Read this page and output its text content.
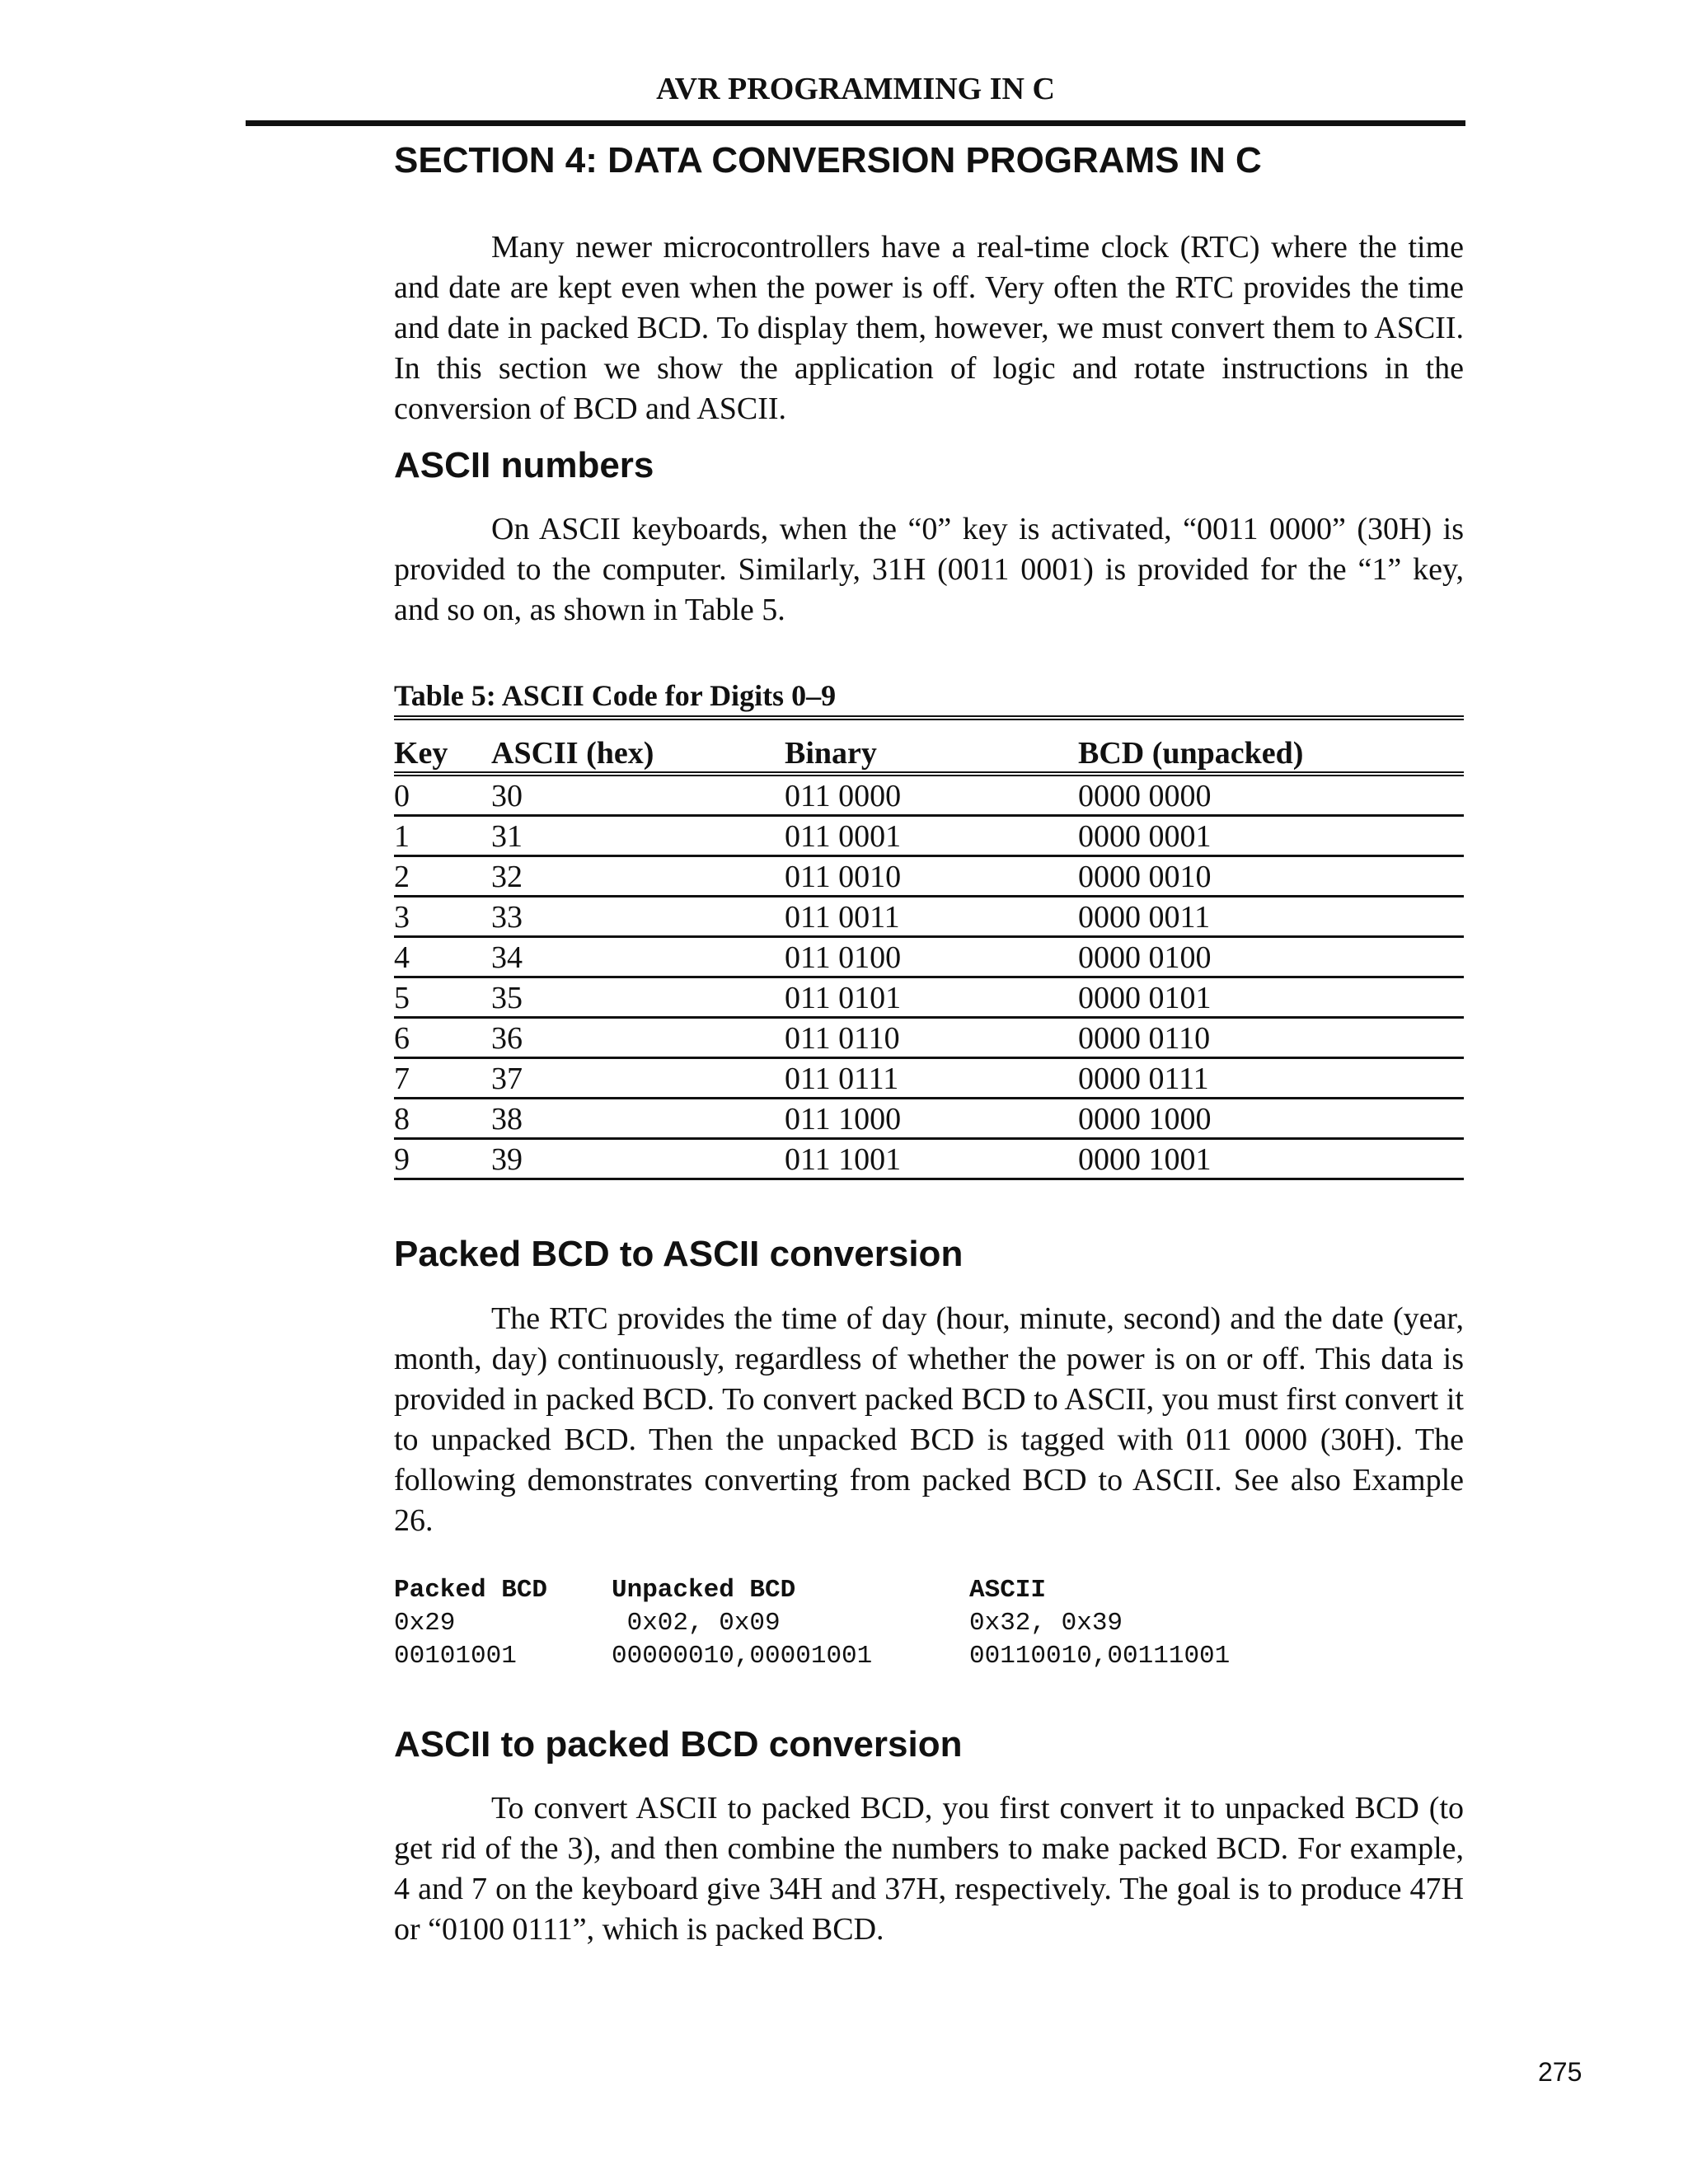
AVR PROGRAMMING IN C
SECTION 4: DATA CONVERSION PROGRAMS IN C

Many newer microcontrollers have a real-time clock (RTC) where the time and date are kept even when the power is off. Very often the RTC provides the time and date in packed BCD. To display them, however, we must convert them to ASCII. In this section we show the application of logic and rotate instructions in the conversion of BCD and ASCII.

ASCII numbers

On ASCII keyboards, when the “0” key is activated, “0011 0000” (30H) is provided to the computer. Similarly, 31H (0011 0001) is provided for the “1” key, and so on, as shown in Table 5.

Table 5: ASCII Code for Digits 0–9
Key	ASCII (hex)	Binary	BCD (unpacked)
0	30	011 0000	0000 0000
1	31	011 0001	0000 0001
2	32	011 0010	0000 0010
3	33	011 0011	0000 0011
4	34	011 0100	0000 0100
5	35	011 0101	0000 0101
6	36	011 0110	0000 0110
7	37	011 0111	0000 0111
8	38	011 1000	0000 1000
9	39	011 1001	0000 1001
Packed BCD to ASCII conversion

The RTC provides the time of day (hour, minute, second) and the date (year, month, day) continuously, regardless of whether the power is on or off. This data is provided in packed BCD. To convert packed BCD to ASCII, you must first convert it to unpacked BCD. Then the unpacked BCD is tagged with 011 0000 (30H). The following demonstrates converting from packed BCD to ASCII. See also Example 26.

Packed BCD	Unpacked BCD	ASCII
0x29	0x02, 0x09	0x32, 0x39
00101001	00000010,00001001	00110010,00111001
ASCII to packed BCD conversion

To convert ASCII to packed BCD, you first convert it to unpacked BCD (to get rid of the 3), and then combine the numbers to make packed BCD. For example, 4 and 7 on the keyboard give 34H and 37H, respectively. The goal is to produce 47H or “0100 0111”, which is packed BCD.

275
